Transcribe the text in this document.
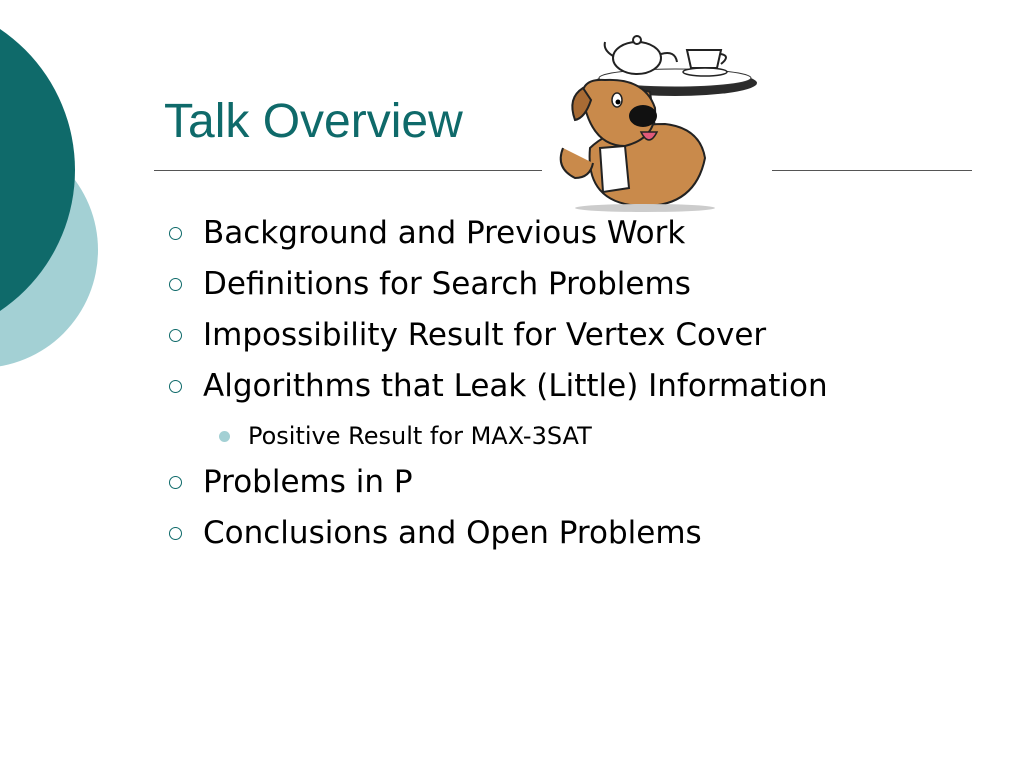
Talk Overview
Background and Previous Work
Definitions for Search Problems
Impossibility Result for Vertex Cover
Algorithms that Leak (Little) Information
Positive Result for MAX-3SAT
Problems in P
Conclusions and Open Problems
